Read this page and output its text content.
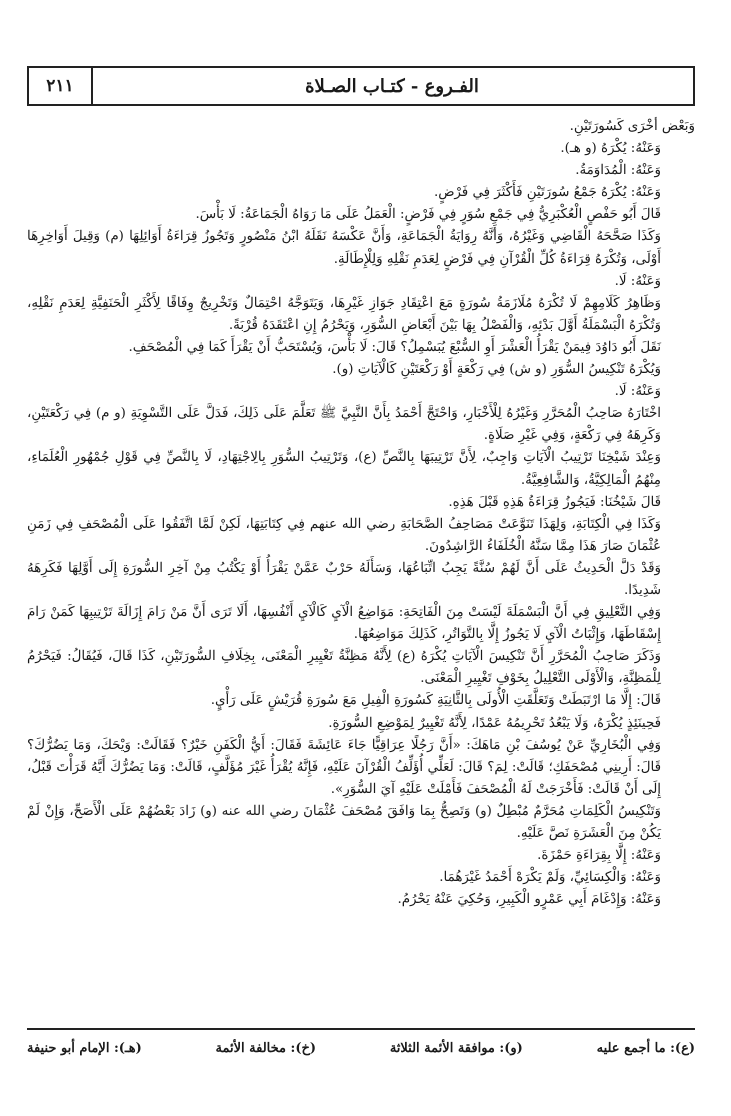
٢١١	الفـروع - كتـاب الصـلاة

وَبَعْض أُخْرَى كَسُورَتَيْنِ.

وَعَنْهُ: يُكْرَهُ (و هـ).

وَعَنْهُ: الْمُدَاوَمَةُ.

وَعَنْهُ: يُكْرَهُ جَمْعُ سُورَتَيْنِ فَأَكْثَرَ فِي فَرْضٍ.

قَالَ أَبُو حَفْصٍ الْعُكْبَرِيُّ فِي جَمْعِ سُوَرٍ فِي فَرْضٍ: الْعَمَلُ عَلَى مَا رَوَاهُ الْجَمَاعَةُ: لَا بَأْسَ.

وَكَذَا صَحَّحَهُ الْقَاضِي وَغَيْرُهُ، وَأَنَّهُ رِوَايَةُ الْجَمَاعَةِ، وَأَنَّ عَكْسَهُ نَقَلَهُ ابْنُ مَنْصُورٍ وَتَجُوزُ قِرَاءَةُ أَوَائِلِهَا (م) وَقِيلَ أَوَاخِرِهَا أَوْلَى، وَتُكْرَهُ قِرَاءَةُ كُلِّ الْقُرْآنِ فِي فَرْضٍ لِعَدَمِ نَقْلِهِ وَلِلْإِطَالَةِ.

وَعَنْهُ: لَا.

وَظَاهِرُ كَلَامِهِمْ لَا تُكْرَهُ مُلَازَمَةُ سُورَةٍ مَعَ اعْتِقَادِ جَوَازِ غَيْرِهَا، وَيَتَوَجَّهُ احْتِمَالٌ وَتَخْرِيجٌ وِفَاقًا لِأَكْثَرِ الْحَنَفِيَّةِ لِعَدَمِ نَقْلِهِ، وَتُكْرَهُ الْبَسْمَلَةُ أَوَّلَ بَدْئِهِ، وَالْفَصْلُ بِهَا بَيْنَ أَبْعَاضِ السُّوَرِ، وَيَحْرُمُ إِنِ اعْتَقَدَهُ قُرْبَةً.

نَقَلَ أَبُو دَاوُدَ فِيمَنْ يَقْرَأُ الْعَشْرَ أَوِ السُّبْعَ يُبَسْمِلُ؟ قَالَ: لَا بَأْسَ، وَيُسْتَحَبُّ أَنْ يَقْرَأَ كَمَا فِي الْمُصْحَفِ.

وَيُكْرَهُ تَنْكِيسُ السُّوَرِ (و ش) فِي رَكْعَةٍ أَوْ رَكْعَتَيْنِ كَالْآيَاتِ (و).

وَعَنْهُ: لَا.

اخْتَارَهُ صَاحِبُ الْمُحَرَّرِ وَغَيْرُهُ لِلْأَخْبَارِ، وَاحْتَجَّ أَحْمَدُ بِأَنَّ النَّبِيَّ ﷺ تَعَلَّمَ عَلَى ذَلِكَ، فَدَلَّ عَلَى التَّسْوِيَةِ (و م) فِي رَكْعَتَيْنِ، وَكَرِهَهُ فِي رَكْعَةٍ، وَفِي غَيْرِ صَلَاةٍ.

وَعِنْدَ شَيْخِنَا تَرْتِيبُ الْآيَاتِ وَاجِبٌ، لِأَنَّ تَرْتِيبَهَا بِالنَّصِّ (ع)، وَتَرْتِيبُ السُّوَرِ بِالِاجْتِهَادِ، لَا بِالنَّصِّ فِي قَوْلِ جُمْهُورِ الْعُلَمَاءِ، مِنْهُمُ الْمَالِكِيَّةُ، وَالشَّافِعِيَّةُ.

قَالَ شَيْخُنَا: فَيَجُوزُ قِرَاءَةُ هَذِهِ قَبْلَ هَذِهِ.

وَكَذَا فِي الْكِتَابَةِ، وَلِهَذَا تَنَوَّعَتْ مَصَاحِفُ الصَّحَابَةِ رضي الله عنهم فِي كِتَابَتِهَا، لَكِنْ لَمَّا اتَّفَقُوا عَلَى الْمُصْحَفِ فِي زَمَنِ عُثْمَانَ صَارَ هَذَا مِمَّا سَنَّهُ الْخُلَفَاءُ الرَّاشِدُونَ.

وَقَدْ دَلَّ الْحَدِيثُ عَلَى أَنَّ لَهُمْ سُنَّةً يَجِبُ اتِّبَاعُهَا، وَسَأَلَهُ حَرْبٌ عَمَّنْ يَقْرَأُ أَوْ يَكْتُبُ مِنْ آخِرِ السُّورَةِ إِلَى أَوَّلِهَا فَكَرِهَهُ شَدِيدًا.

وَفِي التَّعْلِيقِ فِي أَنَّ الْبَسْمَلَةَ لَيْسَتْ مِنَ الْفَاتِحَةِ: مَوَاضِعُ الْآيِ كَالْآيِ أَنْفُسِهَا، أَلَا تَرَى أَنَّ مَنْ رَامَ إِزَالَةَ تَرْتِيبِهَا كَمَنْ رَامَ إِسْقَاطَهَا، وَإِثْبَاتُ الْآيِ لَا يَجُوزُ إِلَّا بِالتَّوَاتُرِ، كَذَلِكَ مَوَاضِعُهَا.

وَذَكَرَ صَاحِبُ الْمُحَرَّرِ أَنَّ تَنْكِيسَ الْآيَاتِ يُكْرَهُ (ع) لِأَنَّهُ مَظِنَّةُ تَغْيِيرِ الْمَعْنَى، بِخِلَافِ السُّورَتَيْنِ، كَذَا قَالَ، فَيُقَالُ: فَيَحْرُمُ لِلْمَظِنَّةِ، وَالْأَوْلَى التَّعْلِيلُ بِخَوْفِ تَغْيِيرِ الْمَعْنَى.

قَالَ: إِلَّا مَا ارْتَبَطَتْ وَتَعَلَّقَتِ الْأُولَى بِالثَّانِيَةِ كَسُورَةِ الْفِيلِ مَعَ سُورَةِ قُرَيْشٍ عَلَى رَأْيٍ.

فَحِينَئِذٍ يُكْرَهُ، وَلَا يَبْعُدُ تَحْرِيمُهُ عَمْدًا، لِأَنَّهُ تَغْيِيرٌ لِمَوْضِعِ السُّورَةِ.

وَفِي الْبُخَارِيِّ عَنْ يُوسُفَ بْنِ مَاهَكَ: «أَنَّ رَجُلًا عِرَاقِيًّا جَاءَ عَائِشَةَ فَقَالَ: أَيُّ الْكَفَنِ خَيْرٌ؟ فَقَالَتْ: وَيْحَكَ، وَمَا يَضُرُّكَ؟ قَالَ: أَرِينِي مُصْحَفَكِ؛ قَالَتْ: لِمَ؟ قَالَ: لَعَلِّي أُؤَلِّفُ الْقُرْآنَ عَلَيْهِ، فَإِنَّهُ يُقْرَأُ غَيْرَ مُؤَلَّفٍ، قَالَتْ: وَمَا يَضُرُّكَ أَيَّهُ قَرَأْتَ قَبْلُ، إِلَى أَنْ قَالَتْ: فَأَخْرَجَتْ لَهُ الْمُصْحَفَ فَأَمْلَتْ عَلَيْهِ آيَ السُّوَرِ».

وَتَنْكِيسُ الْكَلِمَاتِ مُحَرَّمٌ مُبْطِلٌ (و) وَتَصِحُّ بِمَا وَافَقَ مُصْحَفَ عُثْمَانَ رضي الله عنه (و) زَادَ بَعْضُهُمْ عَلَى الْأَصَحِّ، وَإِنْ لَمْ يَكُنْ مِنَ الْعَشَرَةِ نَصَّ عَلَيْهِ.

وَعَنْهُ: إِلَّا بِقِرَاءَةِ حَمْزَةَ.

وَعَنْهُ: وَالْكِسَائِيِّ، وَلَمْ يَكْرَهْ أَحْمَدُ غَيْرَهُمَا.

وَعَنْهُ: وَإِدْغَامَ أَبِي عَمْرٍو الْكَبِيرِ، وَحُكِيَ عَنْهُ يَحْرُمُ.

(ع): ما أجمع عليه
(و): موافقة الأئمة الثلاثة
(خ): مخالفة الأئمة
(هـ): الإمام أبو حنيفة
